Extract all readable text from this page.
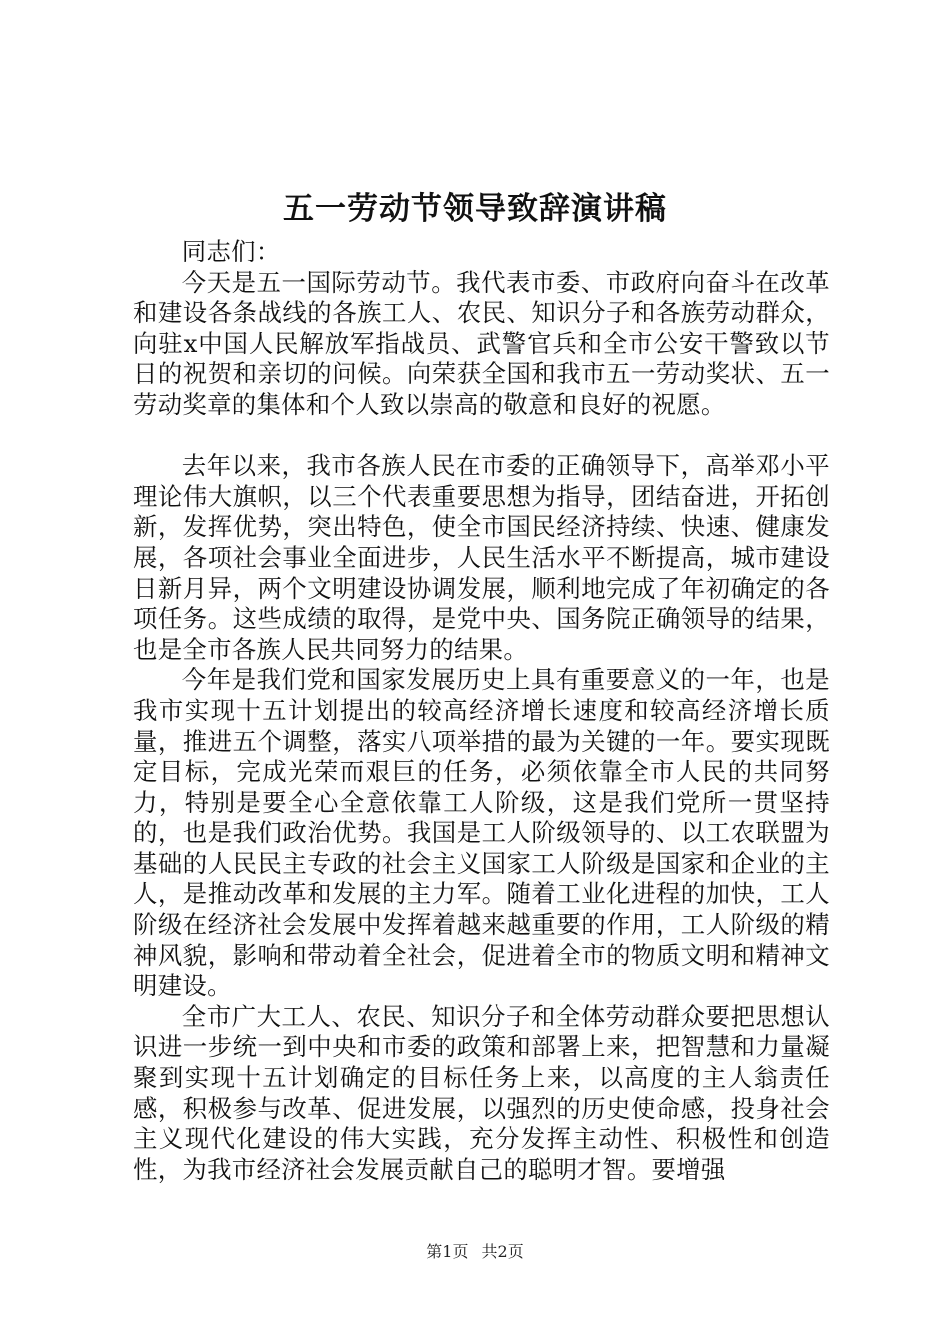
五一劳动节领导致辞演讲稿

同志们：

今天是五一国际劳动节。我代表市委、市政府向奋斗在改革和建设各条战线的各族工人、农民、知识分子和各族劳动群众，向驻x中国人民解放军指战员、武警官兵和全市公安干警致以节日的祝贺和亲切的问候。向荣获全国和我市五一劳动奖状、五一劳动奖章的集体和个人致以崇高的敬意和良好的祝愿。

去年以来，我市各族人民在市委的正确领导下，高举邓小平理论伟大旗帜，以三个代表重要思想为指导，团结奋进，开拓创新，发挥优势，突出特色，使全市国民经济持续、快速、健康发展，各项社会事业全面进步，人民生活水平不断提高，城市建设日新月异，两个文明建设协调发展，顺利地完成了年初确定的各项任务。这些成绩的取得，是党中央、国务院正确领导的结果，也是全市各族人民共同努力的结果。

今年是我们党和国家发展历史上具有重要意义的一年，也是我市实现十五计划提出的较高经济增长速度和较高经济增长质量，推进五个调整，落实八项举措的最为关键的一年。要实现既定目标，完成光荣而艰巨的任务，必须依靠全市人民的共同努力，特别是要全心全意依靠工人阶级，这是我们党所一贯坚持的，也是我们政治优势。我国是工人阶级领导的、以工农联盟为基础的人民民主专政的社会主义国家工人阶级是国家和企业的主人，是推动改革和发展的主力军。随着工业化进程的加快，工人阶级在经济社会发展中发挥着越来越重要的作用，工人阶级的精神风貌，影响和带动着全社会，促进着全市的物质文明和精神文明建设。

全市广大工人、农民、知识分子和全体劳动群众要把思想认识进一步统一到中央和市委的政策和部署上来，把智慧和力量凝聚到实现十五计划确定的目标任务上来，以高度的主人翁责任感，积极参与改革、促进发展，以强烈的历史使命感，投身社会主义现代化建设的伟大实践，充分发挥主动性、积极性和创造性，为我市经济社会发展贡献自己的聪明才智。要增强

第1页 共2页
